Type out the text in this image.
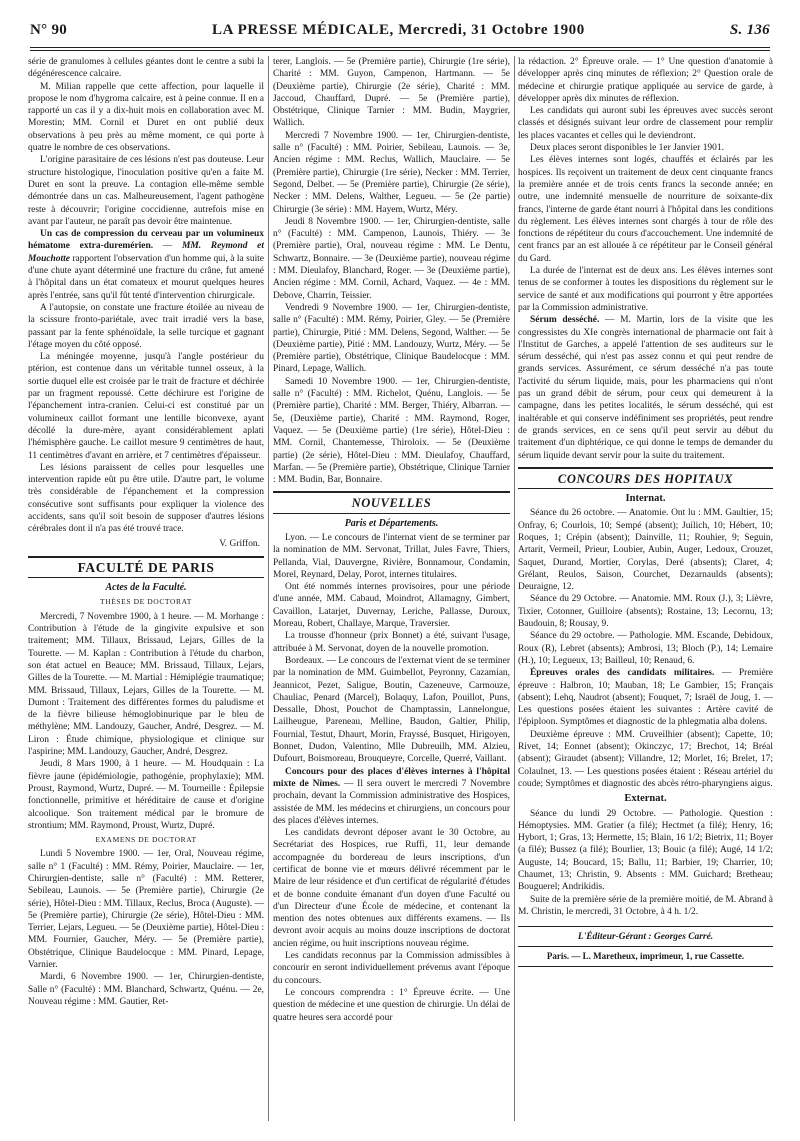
N° 90	LA PRESSE MÉDICALE, Mercredi, 31 Octobre 1900	S. 136

série de granulomes à cellules géantes dont le centre a subi la dégénérescence calcaire.

M. Milian rappelle que cette affection, pour laquelle il propose le nom d'hygroma calcaire, est à peine connue. Il en a rapporté un cas il y a dix-huit mois en collaboration avec M. Morestin; MM. Cornil et Duret en ont publié deux observations à peu près au même moment, ce qui porte à quatre le nombre de ces observations.

L'origine parasitaire de ces lésions n'est pas douteuse. Leur structure histologique, l'inoculation positive qu'en a faite M. Duret en sont la preuve. La contagion elle-même semble démontrée dans un cas. Malheureusement, l'agent pathogène reste à découvrir; l'origine coccidienne, autrefois mise en avant par l'auteur, ne paraît pas devoir être maintenue.

Un cas de compression du cerveau par un volumineux hématome extra-duremérien. — MM. Reymond et Mouchotte rapportent l'observation d'un homme qui, à la suite d'une chute ayant déterminé une fracture du crâne, fut amené à l'hôpital dans un état comateux et mourut quelques heures après l'entrée, sans qu'il fût tenté d'intervention chirurgicale.

A l'autopsie, on constate une fracture étoilée au niveau de la scissure fronto-pariétale, avec trait irradié vers la base, passant par la fente sphénoïdale, la selle turcique et gagnant l'étage moyen du côté opposé.

La méningée moyenne, jusqu'à l'angle postérieur du ptérion, est contenue dans un véritable tunnel osseux, à la sortie duquel elle est croisée par le trait de fracture et déchirée par un fragment repoussé. Cette déchirure est l'origine de l'épanchement intra-cranien. Celui-ci est constitué par un volumineux caillot formant une lentille biconvexe, ayant décollé la dure-mère, ayant considérablement aplati l'hémisphère gauche. Le caillot mesure 9 centimètres de haut, 11 centimètres d'avant en arrière, et 7 centimètres d'épaisseur.

Les lésions paraissent de celles pour lesquelles une intervention rapide eût pu être utile. D'autre part, le volume très considérable de l'épanchement et la compression consécutive sont suffisants pour expliquer la violence des accidents, sans qu'il soit besoin de supposer d'autres lésions cérébrales dont il n'a pas été trouvé trace.

V. Griffon.
FACULTÉ DE PARIS
Actes de la Faculté.
THÈSES DE DOCTORAT

Mercredi, 7 Novembre 1900, à 1 heure. — M. Morhange : Contribution à l'étude de la gingivite expulsive et son traitement; MM. Tillaux, Brissaud, Lejars, Gilles de la Tourette. — M. Kaplan : Contribution à l'étude du charbon, son état actuel en Beauce; MM. Brissaud, Tillaux, Lejars, Gilles de la Tourette. — M. Martial : Hémiplégie traumatique; MM. Brissaud, Tillaux, Lejars, Gilles de la Tourette. — M. Dumont : Traitement des différentes formes du paludisme et de la fièvre bilieuse hémoglobinurique par le bleu de méthylène; MM. Landouzy, Gaucher, André, Desgrez. — M. Liron : Étude chimique, physiologique et clinique sur l'aspirine; MM. Landouzy, Gaucher, André, Desgrez.

Jeudi, 8 Mars 1900, à 1 heure. — M. Houdquain : La fièvre jaune (épidémiologie, pathogénie, prophylaxie); MM. Proust, Raymond, Wurtz, Dupré. — M. Tourneille : Épilepsie fonctionnelle, primitive et héréditaire de cause et d'origine alcoolique. Son traitement médical par le bromure de strontium; MM. Raymond, Proust, Wurtz, Dupré.

EXAMENS DE DOCTORAT

Lundi 5 Novembre 1900. — 1er, Oral, Nouveau régime, salle n° 1 (Faculté) : MM. Rémy, Poirier, Mauclaire. — 1er, Chirurgien-dentiste, salle n° (Faculté) : MM. Retterer, Sebileau, Launois. — 5e (Première partie), Chirurgie (2e série), Hôtel-Dieu : MM. Tillaux, Reclus, Broca (Auguste). — 5e (Première partie), Chirurgie (2e série), Hôtel-Dieu : MM. Terrier, Lejars, Legueu. — 5e (Deuxième partie), Hôtel-Dieu : MM. Fournier, Gaucher, Méry. — 5e (Première partie), Obstétrique, Clinique Baudelocque : MM. Pinard, Lepage, Varnier.

Mardi, 6 Novembre 1900. — 1er, Chirurgien-dentiste, Salle n° (Faculté) : MM. Blanchard, Schwartz, Quénu. — 2e, Nouveau régime : MM. Gautier, Ret-

terer, Langlois. — 5e (Première partie), Chirurgie (1re série), Charité : MM. Guyon, Campenon, Hartmann. — 5e (Deuxième partie), Chirurgie (2e série), Charité : MM. Jaccoud, Chauffard, Dupré. — 5e (Première partie), Obstétrique, Clinique Tarnier : MM. Budin, Maygrier, Wallich.

Mercredi 7 Novembre 1900. — 1er, Chirurgien-dentiste, salle n° (Faculté) : MM. Poirier, Sebileau, Launois. — 3e, Ancien régime : MM. Reclus, Wallich, Mauclaire. — 5e (Première partie), Chirurgie (1re série), Necker : MM. Terrier, Segond, Delbet. — 5e (Première partie), Chirurgie (2e série), Necker : MM. Delens, Walther, Legueu. — 5e (2e partie) Chirurgie (3e série) : MM. Hayem, Wurtz, Méry.

Jeudi 8 Novembre 1900. — 1er, Chirurgien-dentiste, salle n° (Faculté) : MM. Campenon, Launois, Thiéry. — 3e (Première partie), Oral, nouveau régime : MM. Le Dentu, Schwartz, Bonnaire. — 3e (Deuxième partie), nouveau régime : MM. Dieulafoy, Blanchard, Roger. — 3e (Deuxième partie), Ancien régime : MM. Cornil, Achard, Vaquez. — 4e : MM. Debove, Charrin, Teissier.

Vendredi 9 Novembre 1900. — 1er, Chirurgien-dentiste, salle n° (Faculté) : MM. Rémy, Poirier, Gley. — 5e (Première partie), Chirurgie, Pitié : MM. Delens, Segond, Walther. — 5e (Deuxième partie), Pitié : MM. Landouzy, Wurtz, Méry. — 5e (Première partie), Obstétrique, Clinique Baudelocque : MM. Pinard, Lepage, Wallich.

Samedi 10 Novembre 1900. — 1er, Chirurgien-dentiste, salle n° (Faculté) : MM. Richelot, Quénu, Langlois. — 5e (Première partie), Charité : MM. Berger, Thiéry, Albarran. — 5e, (Deuxième partie), Charité : MM. Raymond, Roger, Vaquez. — 5e (Deuxième partie) (1re série), Hôtel-Dieu : MM. Cornil, Chantemesse, Thiroloix. — 5e (Deuxième partie) (2e série), Hôtel-Dieu : MM. Dieulafoy, Chauffard, Marfan. — 5e (Première partie), Obstétrique, Clinique Tarnier : MM. Budin, Bar, Bonnaire.

NOUVELLES
Paris et Départements.

Lyon. — Le concours de l'internat vient de se terminer par la nomination de MM. Servonat, Trillat, Jules Favre, Thiers, Pellanda, Vial, Dauvergne, Rivière, Bonnamour, Condamin, Morel, Reynard, Delay, Porot, internes titulaires.

Ont été nommés internes provisoires, pour une période d'une année, MM. Cabaud, Moindrot, Allamagny, Gimbert, Cavaillon, Latarjet, Duvernay, Leriche, Pallasse, Duroux, Moreau, Robert, Challaye, Marque, Traversier.

La trousse d'honneur (prix Bonnet) a été, suivant l'usage, attribuée à M. Servonat, doyen de la nouvelle promotion.

Bordeaux. — Le concours de l'externat vient de se terminer par la nomination de MM. Guimbellot, Peyronny, Cazamian, Jeannicot, Pezet, Saligue, Boutin, Cazeneuve, Carmouze, Chauliac, Penard (Marcel), Bolaquy, Lafon, Pouillot, Puns, Dessalle, Dhost, Pouchot de Champtassin, Lannelongue, Lailheugue, Pareneau, Melline, Baudon, Galtier, Philip, Fournial, Testut, Dhaurt, Morin, Frayssé, Busquet, Hirigoyen, Bonnet, Dudon, Valentino, Mlle Dubreuilh, MM. Alzieu, Dufourt, Boismoreau, Brouqueyre, Corcelle, Querré, Vaillant.

Concours pour des places d'élèves internes à l'hôpital mixte de Nîmes. — Il sera ouvert le mercredi 7 Novembre prochain, devant la Commission administrative des Hospices, assistée de MM. les médecins et chirurgiens, un concours pour des places d'élèves internes.

Les candidats devront déposer avant le 30 Octobre, au Secrétariat des Hospices, rue Ruffi, 11, leur demande accompagnée du bordereau de leurs inscriptions, d'un certificat de bonne vie et mœurs délivré récemment par le Maire de leur résidence et d'un certificat de régularité d'études et de bonne conduite émanant d'un doyen d'une Faculté ou d'un Directeur d'une École de médecine, et contenant la mention des notes obtenues aux différents examens. — Ils devront avoir acquis au moins douze inscriptions de doctorat ancien régime, ou huit inscriptions nouveau régime.

Les candidats reconnus par la Commission admissibles à concourir en seront individuellement prévenus avant l'époque du concours.

Le concours comprendra : 1° Épreuve écrite. — Une question de médecine et une question de chirurgie. Un délai de quatre heures sera accordé pour

la rédaction. 2° Épreuve orale. — 1° Une question d'anatomie à développer après cinq minutes de réflexion; 2° Question orale de médecine et chirurgie pratique appliquée au service de garde, à développer après dix minutes de réflexion.

Les candidats qui auront subi les épreuves avec succès seront classés et désignés suivant leur ordre de classement pour remplir les places vacantes et celles qui le deviendront.

Deux places seront disponibles le 1er Janvier 1901.

Les élèves internes sont logés, chauffés et éclairés par les hospices. Ils reçoivent un traitement de deux cent cinquante francs la première année et de trois cents francs la seconde année; en outre, une indemnité mensuelle de nourriture de soixante-dix francs, l'interne de garde étant nourri à l'hôpital dans les conditions du règlement. Les élèves internes sont chargés à tour de rôle des fonctions de répétiteur du cours d'accouchement. Une indemnité de cent francs par an est allouée à ce répétiteur par le Conseil général du Gard.

La durée de l'internat est de deux ans. Les élèves internes sont tenus de se conformer à toutes les dispositions du règlement sur le service de santé et aux modifications qui pourront y être apportées par la Commission administrative.

Sérum desséché. — M. Martin, lors de la visite que les congressistes du XIe congrès international de pharmacie ont fait à l'Institut de Garches, a appelé l'attention de ses auditeurs sur le sérum desséché, qui n'est pas assez connu et qui peut rendre de grands services. Assurément, ce sérum desséché n'a pas toute l'activité du sérum liquide, mais, pour les pharmaciens qui n'ont pas un grand débit de sérum, pour ceux qui demeurent à la campagne, dans les petites localités, le sérum desséché, qui est inaltérable et qui conserve indéfiniment ses propriétés, peut rendre de grands services, en ce sens qu'il peut servir au début du traitement d'un diphtérique, ce qui donne le temps de demander du sérum liquide devant servir pour la suite du traitement.

CONCOURS DES HOPITAUX
Internat.

Séance du 26 octobre. — Anatomie. Ont lu : MM. Gaultier, 15; Onfray, 6; Courlois, 10; Sempé (absent); Juilich, 10; Hébert, 10; Roques, 1; Crépin (absent); Dainville, 11; Rouhier, 9; Seguin, Artarit, Vermeil, Prieur, Loubier, Aubin, Auger, Ledoux, Crouzet, Saquet, Durand, Mortier, Corylas, Deré (absents); Claret, 4; Grélant, Reulos, Saison, Courchet, Dezarnaulds (absents); Deuraigne, 12.

Séance du 29 Octobre. — Anatomie. MM. Roux (J.), 3; Lièvre, Tixier, Cotonner, Guilloire (absents); Rostaine, 13; Lecornu, 13; Baudouin, 8; Rousay, 9.

Séance du 29 octobre. — Pathologie. MM. Escande, Debidoux, Roux (R), Lebret (absents); Ambrosi, 13; Bloch (P.), 14; Lemaire (H.), 10; Legueux, 13; Bailleul, 10; Renaud, 6.

Épreuves orales des candidats militaires. — Première épreuve : Halbron, 10; Mauban, 18; Le Gambier, 15; Français (absent); Lehq, Naudrot (absent); Fouquet, 7; Israël de Joug, 1. — Les questions posées étaient les suivantes : Artère cavité de l'épiploon. Symptômes et diagnostic de la phlegmatia alba dolens.

Deuxième épreuve : MM. Cruveilhier (absent); Capette, 10; Rivet, 14; Eonnet (absent); Okinczyc, 17; Brechot, 14; Bréal (absent); Giraudet (absent); Villandre, 12; Morlet, 16; Brelet, 17; Colaulnet, 13. — Les questions posées étaient : Réseau artériel du coude; Symptômes et diagnostic des abcès rétro-pharyngiens aigus.

Externat.

Séance du lundi 29 Octobre. — Pathologie. Question : Hémoptysies. MM. Gratier (a filé); Hectmet (a filé); Henry, 16; Hybort, 1; Gras, 13; Hermette, 15; Blain, 16 1/2; Bietrix, 11; Boyer (a filé); Bussez (a filé); Bourlier, 13; Bouic (a filé); Augé, 14 1/2; Auguste, 14; Boucard, 15; Ballu, 11; Barbier, 19; Charrier, 10; Chaumet, 13; Christin, 9. Absents : MM. Guichard; Bretheau; Bouguerel; Andrikidis.

Suite de la première série de la première moitié, de M. Abrand à M. Christin, le mercredi, 31 Octobre, à 4 h. 1/2.

L'Éditeur-Gérant : Georges Carré.
Paris. — L. Maretheux, imprimeur, 1, rue Cassette.
